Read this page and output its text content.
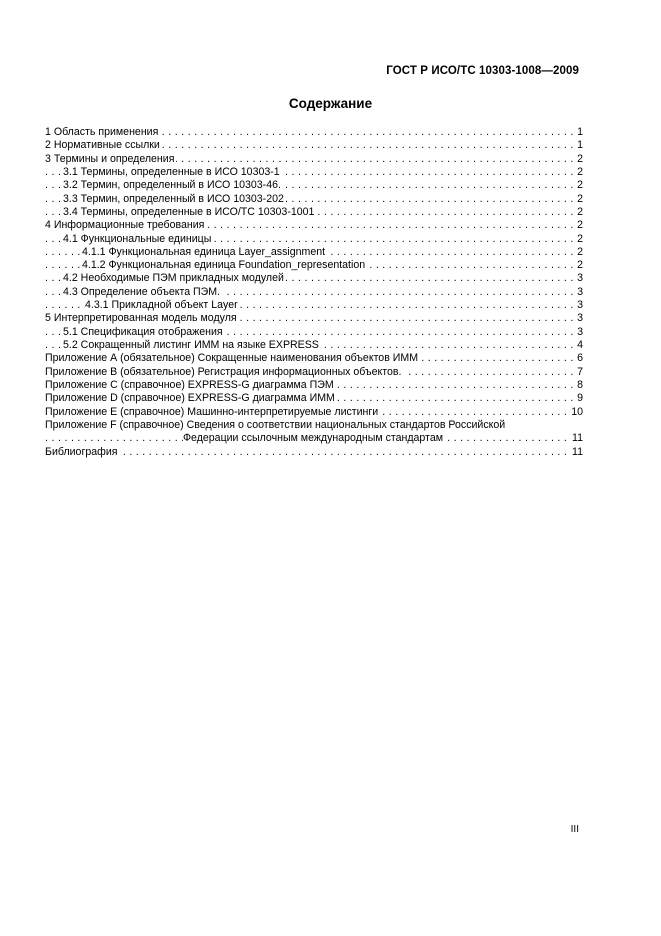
ГОСТ Р ИСО/ТС 10303-1008—2009
Содержание
. . . 1 Область применения	1
. . . 2 Нормативные ссылки	1
. . . 3 Термины и определения	2
. . . 3.1 Термины, определенные в ИСО 10303-1	2
. . . 3.2 Термин, определенный в ИСО 10303-46.	2
. . . 3.3 Термин, определенный в ИСО 10303-202	2
. . . 3.4 Термины, определенные в ИСО/ТС 10303-1001	2
. . . 4 Информационные требования	2
. . . 4.1 Функциональные единицы	2
. . . 4.1.1 Функциональная единица Layer_assignment	2
. . . 4.1.2 Функциональная единица Foundation_representation	2
. . . 4.2 Необходимые ПЭМ прикладных модулей	3
. . . 4.3 Определение объекта ПЭМ.	3
. . . 4.3.1 Прикладной объект Layer	3
. . . 5 Интерпретированная модель модуля	3
. . . 5.1 Спецификация отображения	3
. . . 5.2 Сокращенный листинг ИММ на языке EXPRESS	4
. . . Приложение А (обязательное) Сокращенные наименования объектов ИММ	6
. . . Приложение В (обязательное) Регистрация информационных объектов.	7
. . . Приложение С (справочное) EXPRESS-G диаграмма ПЭМ	8
. . . Приложение D (справочное) EXPRESS-G диаграмма ИММ	9
. . . Приложение Е (справочное) Машинно-интерпретируемые листинги	10
Приложение F (справочное) Сведения о соответствии национальных стандартов Российской
. . . Федерации ссылочным международным стандартам	11
. . . Библиография	11
III
